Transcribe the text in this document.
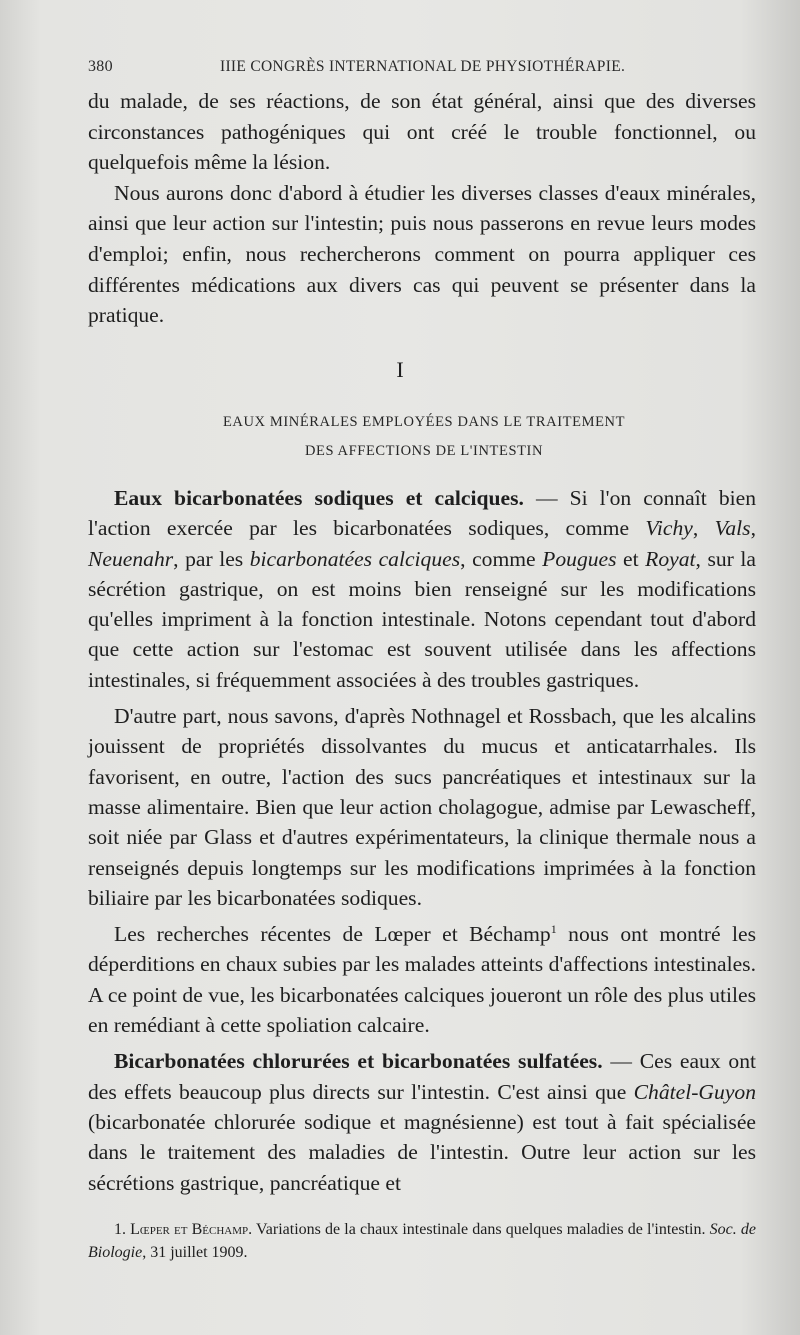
380	IIIE CONGRÈS INTERNATIONAL DE PHYSIOTHÉRAPIE.

du malade, de ses réactions, de son état général, ainsi que des diverses circonstances pathogéniques qui ont créé le trouble fonctionnel, ou quelquefois même la lésion.

Nous aurons donc d'abord à étudier les diverses classes d'eaux minérales, ainsi que leur action sur l'intestin; puis nous passerons en revue leurs modes d'emploi; enfin, nous rechercherons comment on pourra appliquer ces différentes médications aux divers cas qui peuvent se présenter dans la pratique.

I
EAUX MINÉRALES EMPLOYÉES DANS LE TRAITEMENT
DES AFFECTIONS DE L'INTESTIN

Eaux bicarbonatées sodiques et calciques. — Si l'on connaît bien l'action exercée par les bicarbonatées sodiques, comme Vichy, Vals, Neuenahr, par les bicarbonatées calciques, comme Pougues et Royat, sur la sécrétion gastrique, on est moins bien renseigné sur les modifications qu'elles impriment à la fonction intestinale. Notons cependant tout d'abord que cette action sur l'estomac est souvent utilisée dans les affections intestinales, si fréquemment associées à des troubles gastriques.

D'autre part, nous savons, d'après Nothnagel et Rossbach, que les alcalins jouissent de propriétés dissolvantes du mucus et anticatarrhales. Ils favorisent, en outre, l'action des sucs pancréatiques et intestinaux sur la masse alimentaire. Bien que leur action cholagogue, admise par Lewascheff, soit niée par Glass et d'autres expérimentateurs, la clinique thermale nous a renseignés depuis longtemps sur les modifications imprimées à la fonction biliaire par les bicarbonatées sodiques.

Les recherches récentes de Lœper et Béchamp$^1$ nous ont montré les déperditions en chaux subies par les malades atteints d'affections intestinales. A ce point de vue, les bicarbonatées calciques joueront un rôle des plus utiles en remédiant à cette spoliation calcaire.

Bicarbonatées chlorurées et bicarbonatées sulfatées. — Ces eaux ont des effets beaucoup plus directs sur l'intestin. C'est ainsi que Châtel-Guyon (bicarbonatée chlorurée sodique et magnésienne) est tout à fait spécialisée dans le traitement des maladies de l'intestin. Outre leur action sur les sécrétions gastrique, pancréatique et

1. Lœper et Béchamp. Variations de la chaux intestinale dans quelques maladies de l'intestin. Soc. de Biologie, 31 juillet 1909.
